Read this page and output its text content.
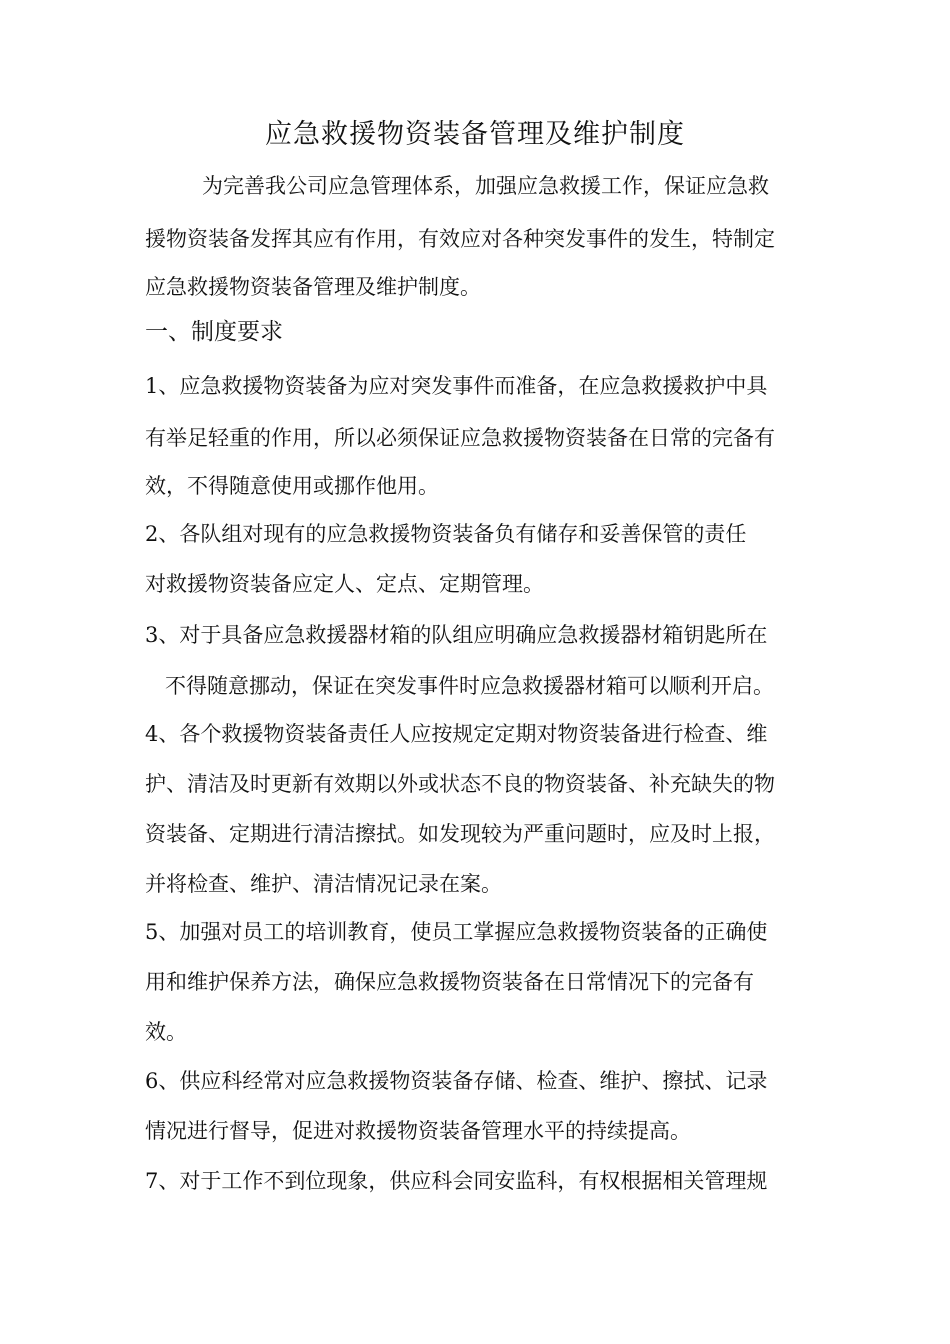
应急救援物资装备管理及维护制度
为完善我公司应急管理体系，加强应急救援工作，保证应急救
援物资装备发挥其应有作用，有效应对各种突发事件的发生，特制定
应急救援物资装备管理及维护制度。
一、制度要求
1、应急救援物资装备为应对突发事件而准备，在应急救援救护中具
有举足轻重的作用，所以必须保证应急救援物资装备在日常的完备有
效，不得随意使用或挪作他用。
2、各队组对现有的应急救援物资装备负有储存和妥善保管的责任
对救援物资装备应定人、定点、定期管理。
3、对于具备应急救援器材箱的队组应明确应急救援器材箱钥匙所在
不得随意挪动，保证在突发事件时应急救援器材箱可以顺利开启。
4、各个救援物资装备责任人应按规定定期对物资装备进行检查、维
护、清洁及时更新有效期以外或状态不良的物资装备、补充缺失的物
资装备、定期进行清洁擦拭。如发现较为严重问题时，应及时上报，
并将检查、维护、清洁情况记录在案。
5、加强对员工的培训教育，使员工掌握应急救援物资装备的正确使
用和维护保养方法，确保应急救援物资装备在日常情况下的完备有
效。
6、供应科经常对应急救援物资装备存储、检查、维护、擦拭、记录
情况进行督导，促进对救援物资装备管理水平的持续提高。
7、对于工作不到位现象，供应科会同安监科，有权根据相关管理规
